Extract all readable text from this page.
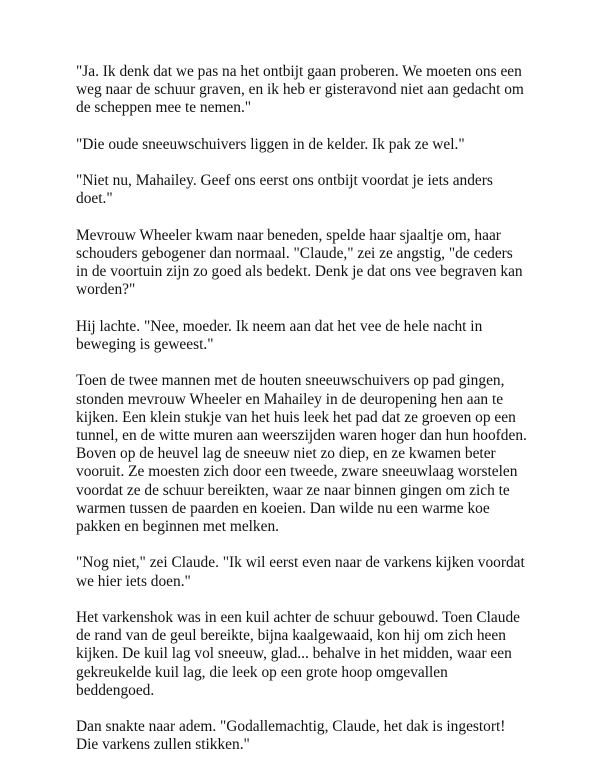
"Ja. Ik denk dat we pas na het ontbijt gaan proberen. We moeten ons een weg naar de schuur graven, en ik heb er gisteravond niet aan gedacht om de scheppen mee te nemen."

"Die oude sneeuwschuivers liggen in de kelder. Ik pak ze wel."

"Niet nu, Mahailey. Geef ons eerst ons ontbijt voordat je iets anders doet."

Mevrouw Wheeler kwam naar beneden, spelde haar sjaaltje om, haar schouders gebogener dan normaal. "Claude," zei ze angstig, "de ceders in de voortuin zijn zo goed als bedekt. Denk je dat ons vee begraven kan worden?"

Hij lachte. "Nee, moeder. Ik neem aan dat het vee de hele nacht in beweging is geweest."

Toen de twee mannen met de houten sneeuwschuivers op pad gingen, stonden mevrouw Wheeler en Mahailey in de deuropening hen aan te kijken. Een klein stukje van het huis leek het pad dat ze groeven op een tunnel, en de witte muren aan weerszijden waren hoger dan hun hoofden. Boven op de heuvel lag de sneeuw niet zo diep, en ze kwamen beter vooruit. Ze moesten zich door een tweede, zware sneeuwlaag worstelen voordat ze de schuur bereikten, waar ze naar binnen gingen om zich te warmen tussen de paarden en koeien. Dan wilde nu een warme koe pakken en beginnen met melken.

"Nog niet," zei Claude. "Ik wil eerst even naar de varkens kijken voordat we hier iets doen."

Het varkenshok was in een kuil achter de schuur gebouwd. Toen Claude de rand van de geul bereikte, bijna kaalgewaaid, kon hij om zich heen kijken. De kuil lag vol sneeuw, glad... behalve in het midden, waar een gekreukelde kuil lag, die leek op een grote hoop omgevallen beddengoed.

Dan snakte naar adem. "Godallemachtig, Claude, het dak is ingestort! Die varkens zullen stikken."
